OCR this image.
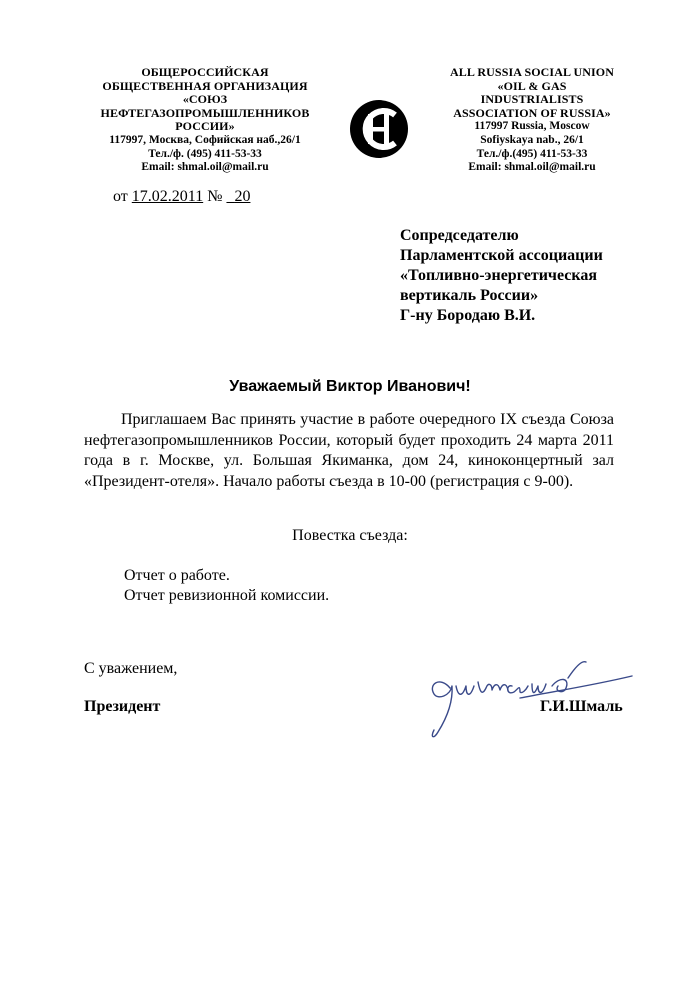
ОБЩЕРОССИЙСКАЯ
ОБЩЕСТВЕННАЯ ОРГАНИЗАЦИЯ
«СОЮЗ
НЕФТЕГАЗОПРОМЫШЛЕННИКОВ
РОССИИ»
117997, Москва, Софийская наб.,26/1
Тел./ф. (495) 411-53-33
Email: shmal.oil@mail.ru
ALL RUSSIA SOCIAL UNION
«OIL & GAS
INDUSTRIALISTS
ASSOCIATION OF RUSSIA»
117997 Russia, Moscow
Sofiyskaya nab., 26/1
Тел./ф.(495) 411-53-33
Email: shmal.oil@mail.ru
от 17.02.2011 № 20
Сопредседателю
Парламентской ассоциации
«Топливно-энергетическая
вертикаль России»
Г-ну Бородаю В.И.
Уважаемый Виктор Иванович!
Приглашаем Вас принять участие в работе очередного IX съезда Союза нефтегазопромышленников России, который будет проходить 24 марта 2011 года в г. Москве, ул. Большая Якиманка, дом 24, киноконцертный зал «Президент-отеля». Начало работы съезда в 10-00 (регистрация с 9-00).
Повестка съезда:
Отчет о работе.
Отчет ревизионной комиссии.
С уважением,
Президент	Г.И.Шмаль
